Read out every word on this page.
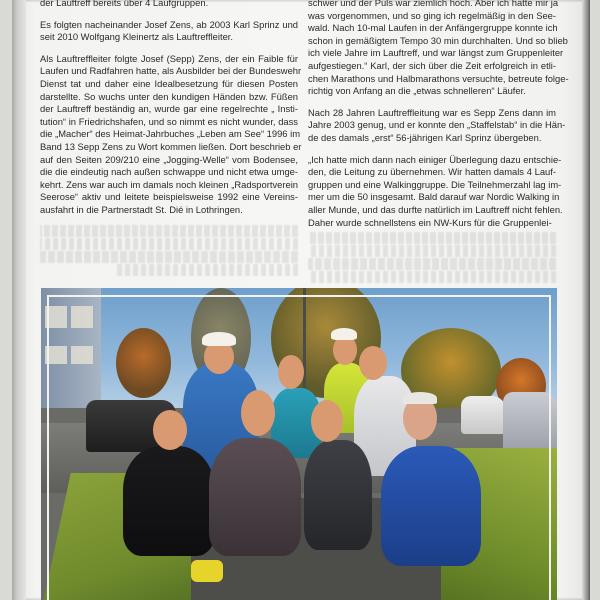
der Lauftreff bereits über 4 Laufgruppen.

Es folgten nacheinander Josef Zens, ab 2003 Karl Sprinz und
seit 2010 Wolfgang Kleinertz als Lauftreffleiter.

Als Lauftreffleiter folgte Josef (Sepp) Zens, der ein Faible für
Laufen und Radfahren hatte, als Ausbilder bei der Bundeswehr
Dienst tat und daher eine Idealbesetzung für diesen Posten
darstellte. So wuchs unter den kundigen Händen bzw. Füßen
der Lauftreff beständig an, wurde gar eine regelrechte „ Insti-
tution“ in Friedrichshafen, und so nimmt es nicht wunder, dass
die „Macher“ des Heimat-Jahrbuches „Leben am See“ 1996 im
Band 13 Sepp Zens zu Wort kommen ließen. Dort beschrieb er
auf den Seiten 209/210 eine „Jogging-Welle“ vom Bodensee,
die die eindeutig nach außen schwappe und nicht etwa umge-
kehrt. Zens war auch im damals noch kleinen „Radsportverein
Seerose“ aktiv und leitete beispielsweise 1992 eine Vereins-
ausfahrt in die Partnerstadt St. Dié in Lothringen.

schwer und der Puls war ziemlich hoch. Aber ich hatte mir ja
was vorgenommen, und so ging ich regelmäßig in den See-
wald. Nach 10-mal Laufen in der Anfängergruppe konnte ich
schon in gemäßigtem Tempo 30 min durchhalten. Und so blieb
ich viele Jahre im Lauftreff, und war längst zum Gruppenleiter
aufgestiegen.“ Karl, der sich über die Zeit erfolgreich in etli-
chen Marathons und Halbmarathons versuchte, betreute folge-
richtig von Anfang an die „etwas schnelleren“ Läufer.

Nach 28 Jahren Lauftreffleitung war es Sepp Zens dann im
Jahre 2003 genug, und er konnte den „Staffelstab“ in die Hän-
de des damals „erst“ 56-jährigen Karl Sprinz übergeben.

„Ich hatte mich dann nach einiger Überlegung dazu entschie-
den, die Leitung zu übernehmen. Wir hatten damals 4 Lauf-
gruppen und eine Walkinggruppe. Die Teilnehmerzahl lag im-
mer um die 50 insgesamt. Bald darauf war Nordic Walking in
aller Munde, und das durfte natürlich im Lauftreff nicht fehlen.
Daher wurde schnellstens ein NW-Kurs für die Gruppenlei-
